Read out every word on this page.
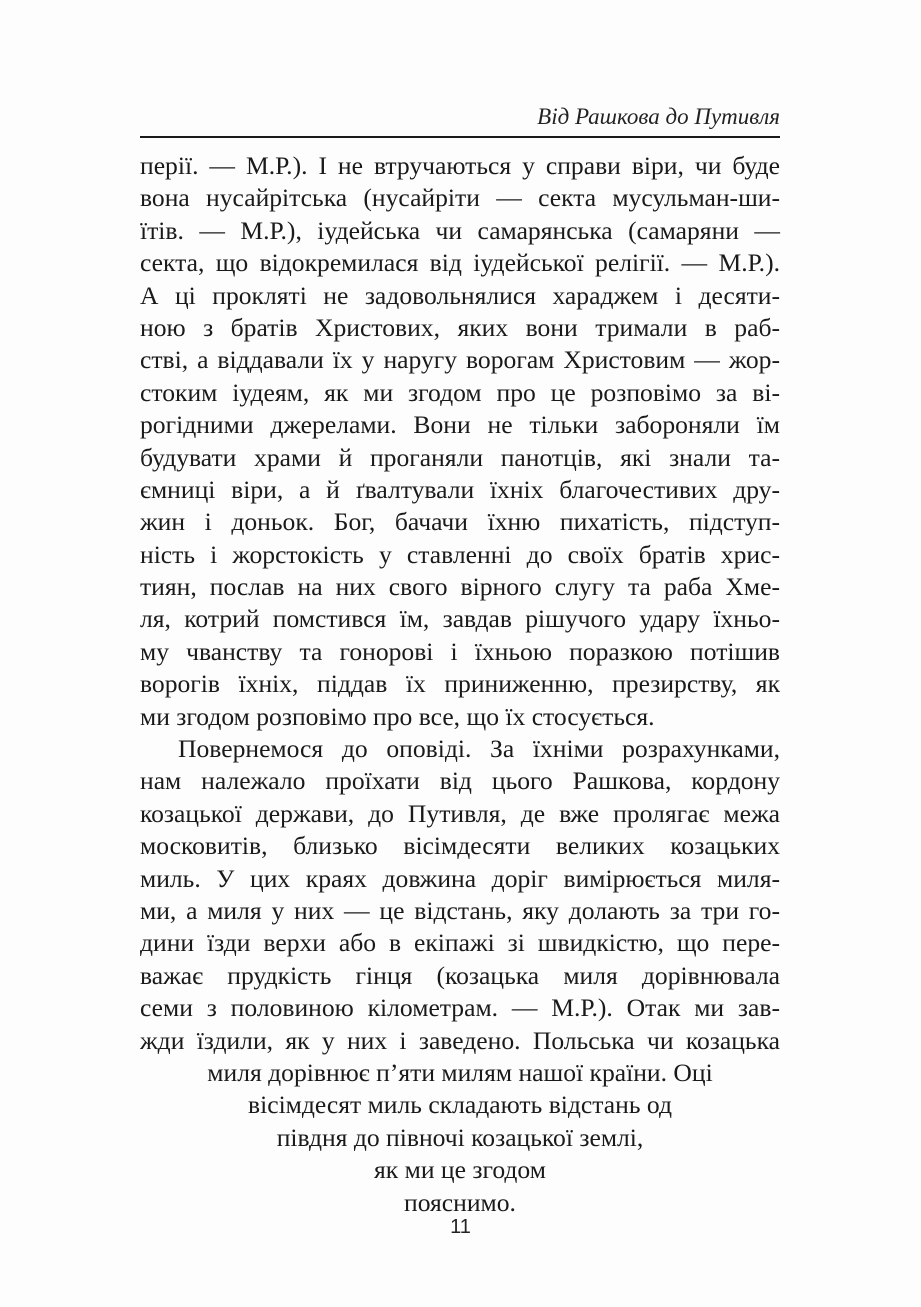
Від Рашкова до Путивля
перії. — М.Р.). І не втручаються у справи віри, чи буде
вона нусайрітська (нусайріти — секта мусульман-ши-
їтів. — М.Р.), іудейська чи самарянська (самаряни —
секта, що відокремилася від іудейської релігії. — М.Р.).
А ці прокляті не задовольнялися хараджем і десяти-
ною з братів Христових, яких вони тримали в раб-
стві, а віддавали їх у наругу ворогам Христовим — жор-
стоким іудеям, як ми згодом про це розповімо за ві-
рогідними джерелами. Вони не тільки забороняли їм
будувати храми й проганяли панотців, які знали та-
ємниці віри, а й ґвалтували їхніх благочестивих дру-
жин і доньок. Бог, бачачи їхню пихатість, підступ-
ність і жорстокість у ставленні до своїх братів хрис-
тиян, послав на них свого вірного слугу та раба Хме-
ля, котрий помстився їм, завдав рішучого удару їхньо-
му чванству та гонорові і їхньою поразкою потішив
ворогів їхніх, піддав їх приниженню, презирству, як
ми згодом розповімо про все, що їх стосується.
Повернемося до оповіді. За їхніми розрахунками,
нам належало проїхати від цього Рашкова, кордону
козацької держави, до Путивля, де вже пролягає межа
московитів, близько вісімдесяти великих козацьких
миль. У цих краях довжина доріг вимірюється миля-
ми, а миля у них — це відстань, яку долають за три го-
дини їзди верхи або в екіпажі зі швидкістю, що пере-
важає прудкість гінця (козацька миля дорівнювала
семи з половиною кілометрам. — М.Р.). Отак ми зав-
жди їздили, як у них і заведено. Польська чи козацька
миля дорівнює п’яти милям нашої країни. Оці
вісімдесят миль складають відстань од
півдня до півночі козацької землі,
як ми це згодом
пояснимо.
11
